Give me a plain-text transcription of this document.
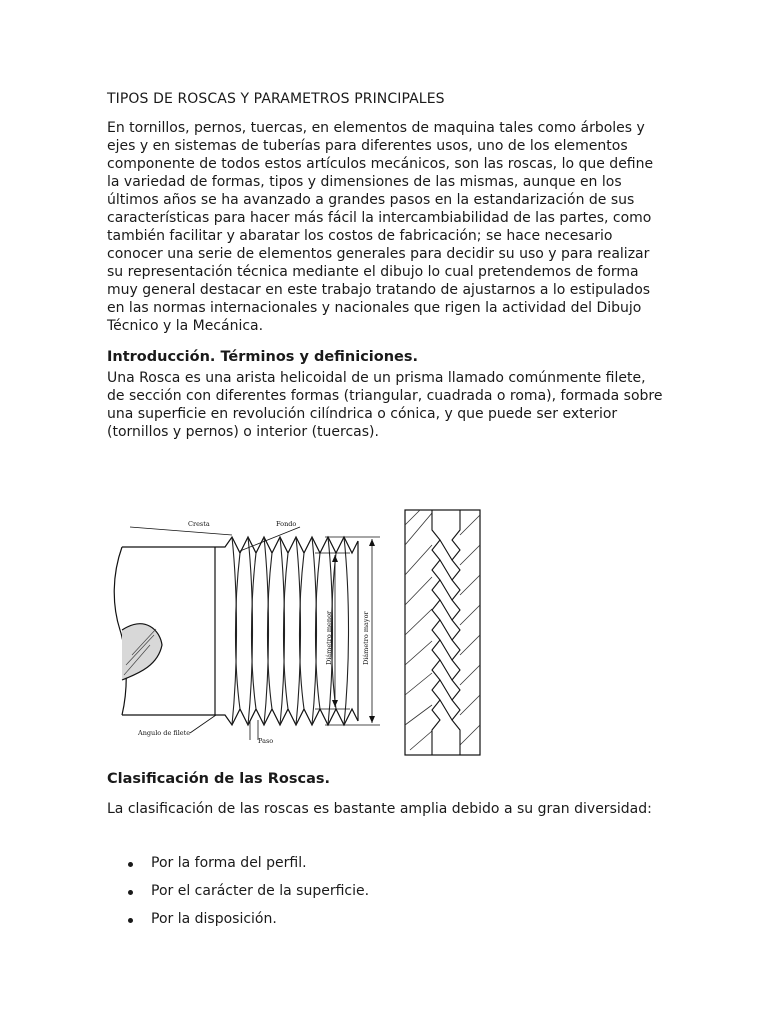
TIPOS DE ROSCAS Y PARAMETROS PRINCIPALES

En tornillos, pernos, tuercas, en elementos de maquina tales como árboles y ejes y en sistemas de tuberías para diferentes usos, uno de los elementos componente de todos estos artículos mecánicos, son las roscas, lo que define la variedad de formas, tipos y dimensiones de las mismas, aunque en los últimos años se ha avanzado a grandes pasos en la estandarización de sus características para hacer más fácil la intercambiabilidad de las partes, como también facilitar y abaratar los costos de fabricación; se hace necesario conocer una serie de elementos generales para decidir su uso y para realizar su representación técnica mediante el dibujo lo cual pretendemos de forma muy general destacar en este trabajo tratando de ajustarnos a lo estipulados en las normas internacionales y nacionales que rigen la actividad del Dibujo Técnico y la Mecánica.

Introducción. Términos y definiciones.

Una Rosca es una arista helicoidal de un prisma llamado comúnmente filete, de sección con diferentes formas (triangular, cuadrada o roma), formada sobre una superficie en revolución cilíndrica o cónica, y que puede ser exterior (tornillos y pernos) o interior (tuercas).

Cresta	Fondo
Angulo de filete
Paso
Diámetro menor	Diámetro mayor
Clasificación de las Roscas.

La clasificación de las roscas es bastante amplia debido a su gran diversidad:

Por la forma del perfil.
Por el carácter de la superficie.
Por la disposición.
